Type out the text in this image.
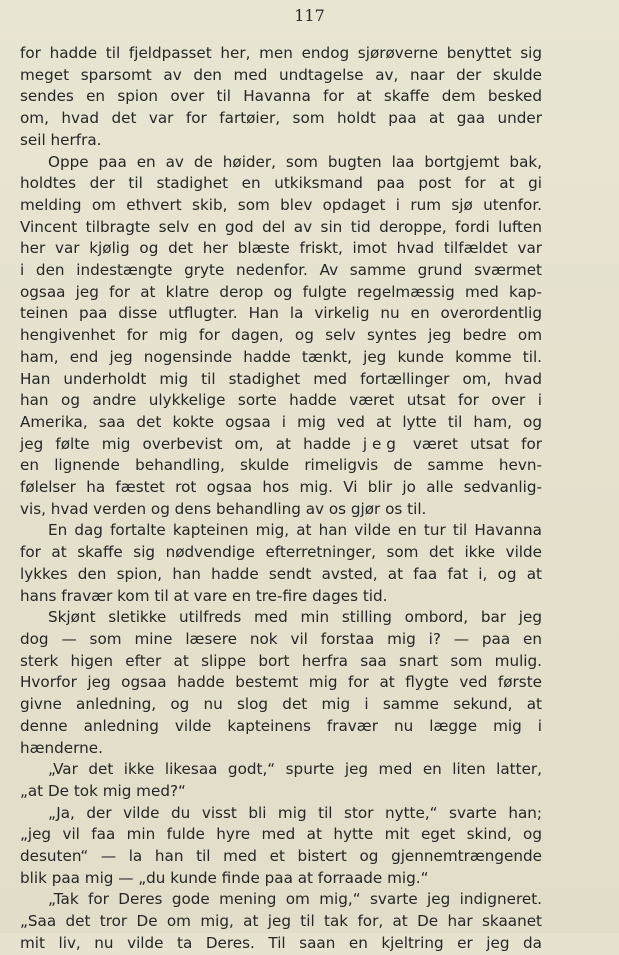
117
for hadde til fjeldpasset her, men endog sjørøverne benyttet sig
meget sparsomt av den med undtagelse av, naar der skulde
sendes en spion over til Havanna for at skaffe dem besked
om, hvad det var for fartøier, som holdt paa at gaa under
seil herfra.
Oppe paa en av de høider, som bugten laa bortgjemt bak,
holdtes der til stadighet en utkiksmand paa post for at gi
melding om ethvert skib, som blev opdaget i rum sjø utenfor.
Vincent tilbragte selv en god del av sin tid deroppe, fordi luften
her var kjølig og det her blæste friskt, imot hvad tilfældet var
i den indestængte gryte nedenfor. Av samme grund sværmet
ogsaa jeg for at klatre derop og fulgte regelmæssig med kap-
teinen paa disse utflugter. Han la virkelig nu en overordentlig
hengivenhet for mig for dagen, og selv syntes jeg bedre om
ham, end jeg nogensinde hadde tænkt, jeg kunde komme til.
Han underholdt mig til stadighet med fortællinger om, hvad
han og andre ulykkelige sorte hadde været utsat for over i
Amerika, saa det kokte ogsaa i mig ved at lytte til ham, og
jeg følte mig overbevist om, at hadde jeg været utsat for
en lignende behandling, skulde rimeligvis de samme hevn-
følelser ha fæstet rot ogsaa hos mig. Vi blir jo alle sedvanlig-
vis, hvad verden og dens behandling av os gjør os til.
En dag fortalte kapteinen mig, at han vilde en tur til Havanna
for at skaffe sig nødvendige efterretninger, som det ikke vilde
lykkes den spion, han hadde sendt avsted, at faa fat i, og at
hans fravær kom til at vare en tre-fire dages tid.
Skjønt sletikke utilfreds med min stilling ombord, bar jeg
dog — som mine læsere nok vil forstaa mig i? — paa en
sterk higen efter at slippe bort herfra saa snart som mulig.
Hvorfor jeg ogsaa hadde bestemt mig for at flygte ved første
givne anledning, og nu slog det mig i samme sekund, at
denne anledning vilde kapteinens fravær nu lægge mig i
hænderne.
„Var det ikke likesaa godt,“ spurte jeg med en liten latter,
„at De tok mig med?“
„Ja, der vilde du visst bli mig til stor nytte,“ svarte han;
„jeg vil faa min fulde hyre med at hytte mit eget skind, og
desuten“ — la han til med et bistert og gjennemtrængende
blik paa mig — „du kunde finde paa at forraade mig.“
„Tak for Deres gode mening om mig,“ svarte jeg indigneret.
„Saa det tror De om mig, at jeg til tak for, at De har skaanet
mit liv, nu vilde ta Deres. Til saan en kjeltring er jeg da
